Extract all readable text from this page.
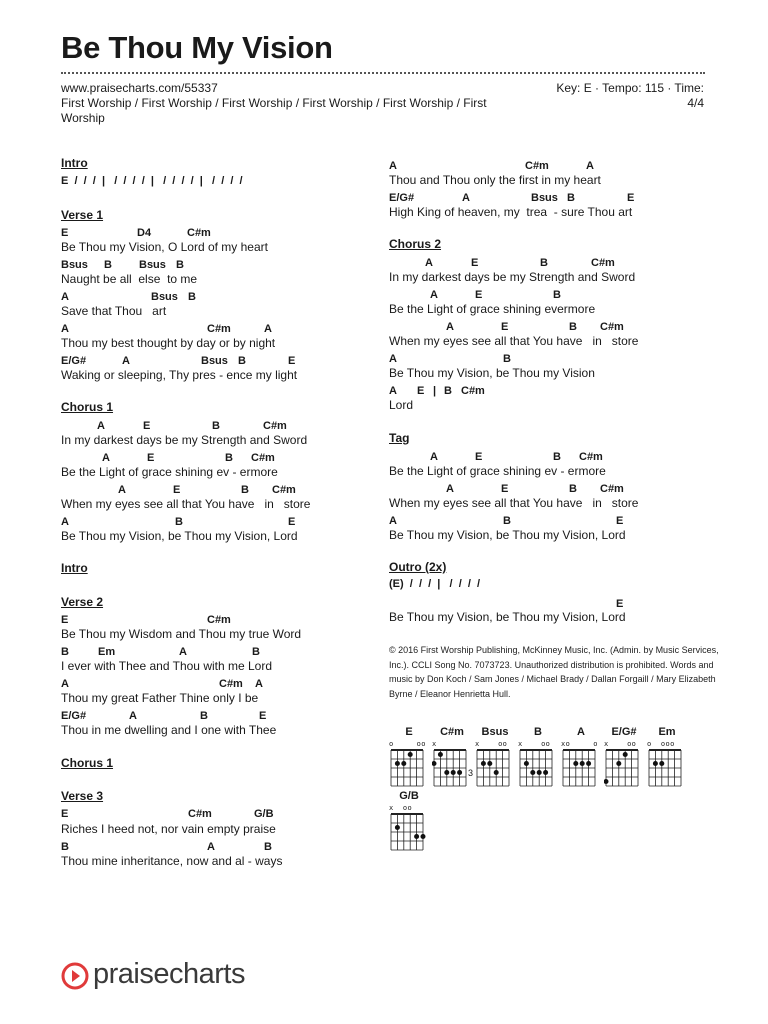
Be Thou My Vision
www.praisecharts.com/55337
First Worship / First Worship / First Worship / First Worship / First Worship / First
Worship
Key: E · Tempo: 115 · Time:
4/4
Intro
E  /  /  /  |   /  /  /  /  |   /  /  /  /  |   /  /  /  /
Verse 1
E	D4	C#m
Be Thou my Vision, O Lord of my heart
Bsus B Bsus B
Naught be all  else  to me
A	Bsus B
Save that Thou   art
A	C#m	A
Thou my best thought by day or by night
E/G#	A	Bsus B	E
Waking or sleeping, Thy pres - ence my light
Chorus 1
A	E	B	C#m
In my darkest days be my Strength and Sword
A	E	B C#m
Be the Light of grace shining ev - ermore
A	E	B C#m
When my eyes see all that You have   in   store
A	B	E
Be Thou my Vision, be Thou my Vision, Lord
Intro
Verse 2
E	C#m
Be Thou my Wisdom and Thou my true Word
B	Em	A	B
I ever with Thee and Thou with me Lord
A	C#m A
Thou my great Father Thine only I be
E/G#	A	B	E
Thou in me dwelling and I one with Thee
Chorus 1
Verse 3
E	C#m	G/B
Riches I heed not, nor vain empty praise
B	A	B
Thou mine inheritance, now and al - ways
A	C#m	A
Thou and Thou only the first in my heart
E/G#	A	Bsus B	E
High King of heaven, my  trea  - sure Thou art
Chorus 2
A	E	B	C#m
In my darkest days be my Strength and Sword
A	E	B
Be the Light of grace shining evermore
A	E	B C#m
When my eyes see all that You have   in   store
A	B
Be Thou my Vision, be Thou my Vision
A E | B C#m
Lord
Tag
A	E	B C#m
Be the Light of grace shining ev - ermore
A	E	B C#m
When my eyes see all that You have   in   store
A	B	E
Be Thou my Vision, be Thou my Vision, Lord
Outro (2x)
(E)  /  /  /  |   /  /  /  /
E
Be Thou my Vision, be Thou my Vision, Lord
© 2016 First Worship Publishing, McKinney Music, Inc. (Admin. by Music Services, Inc.). CCLI Song No. 7073723. Unauthorized distribution is prohibited. Words and music by Don Koch / Sam Jones / Michael Brady / Dallan Forgaill / Mary Elizabeth Byrne / Eleanor Henrietta Hull.
E
o     oo
C#m
x
3
Bsus
x    oo
B
x    oo
A
xo     o
E/G#
x    oo
Em
o  ooo
G/B
x  oo
praisecharts
